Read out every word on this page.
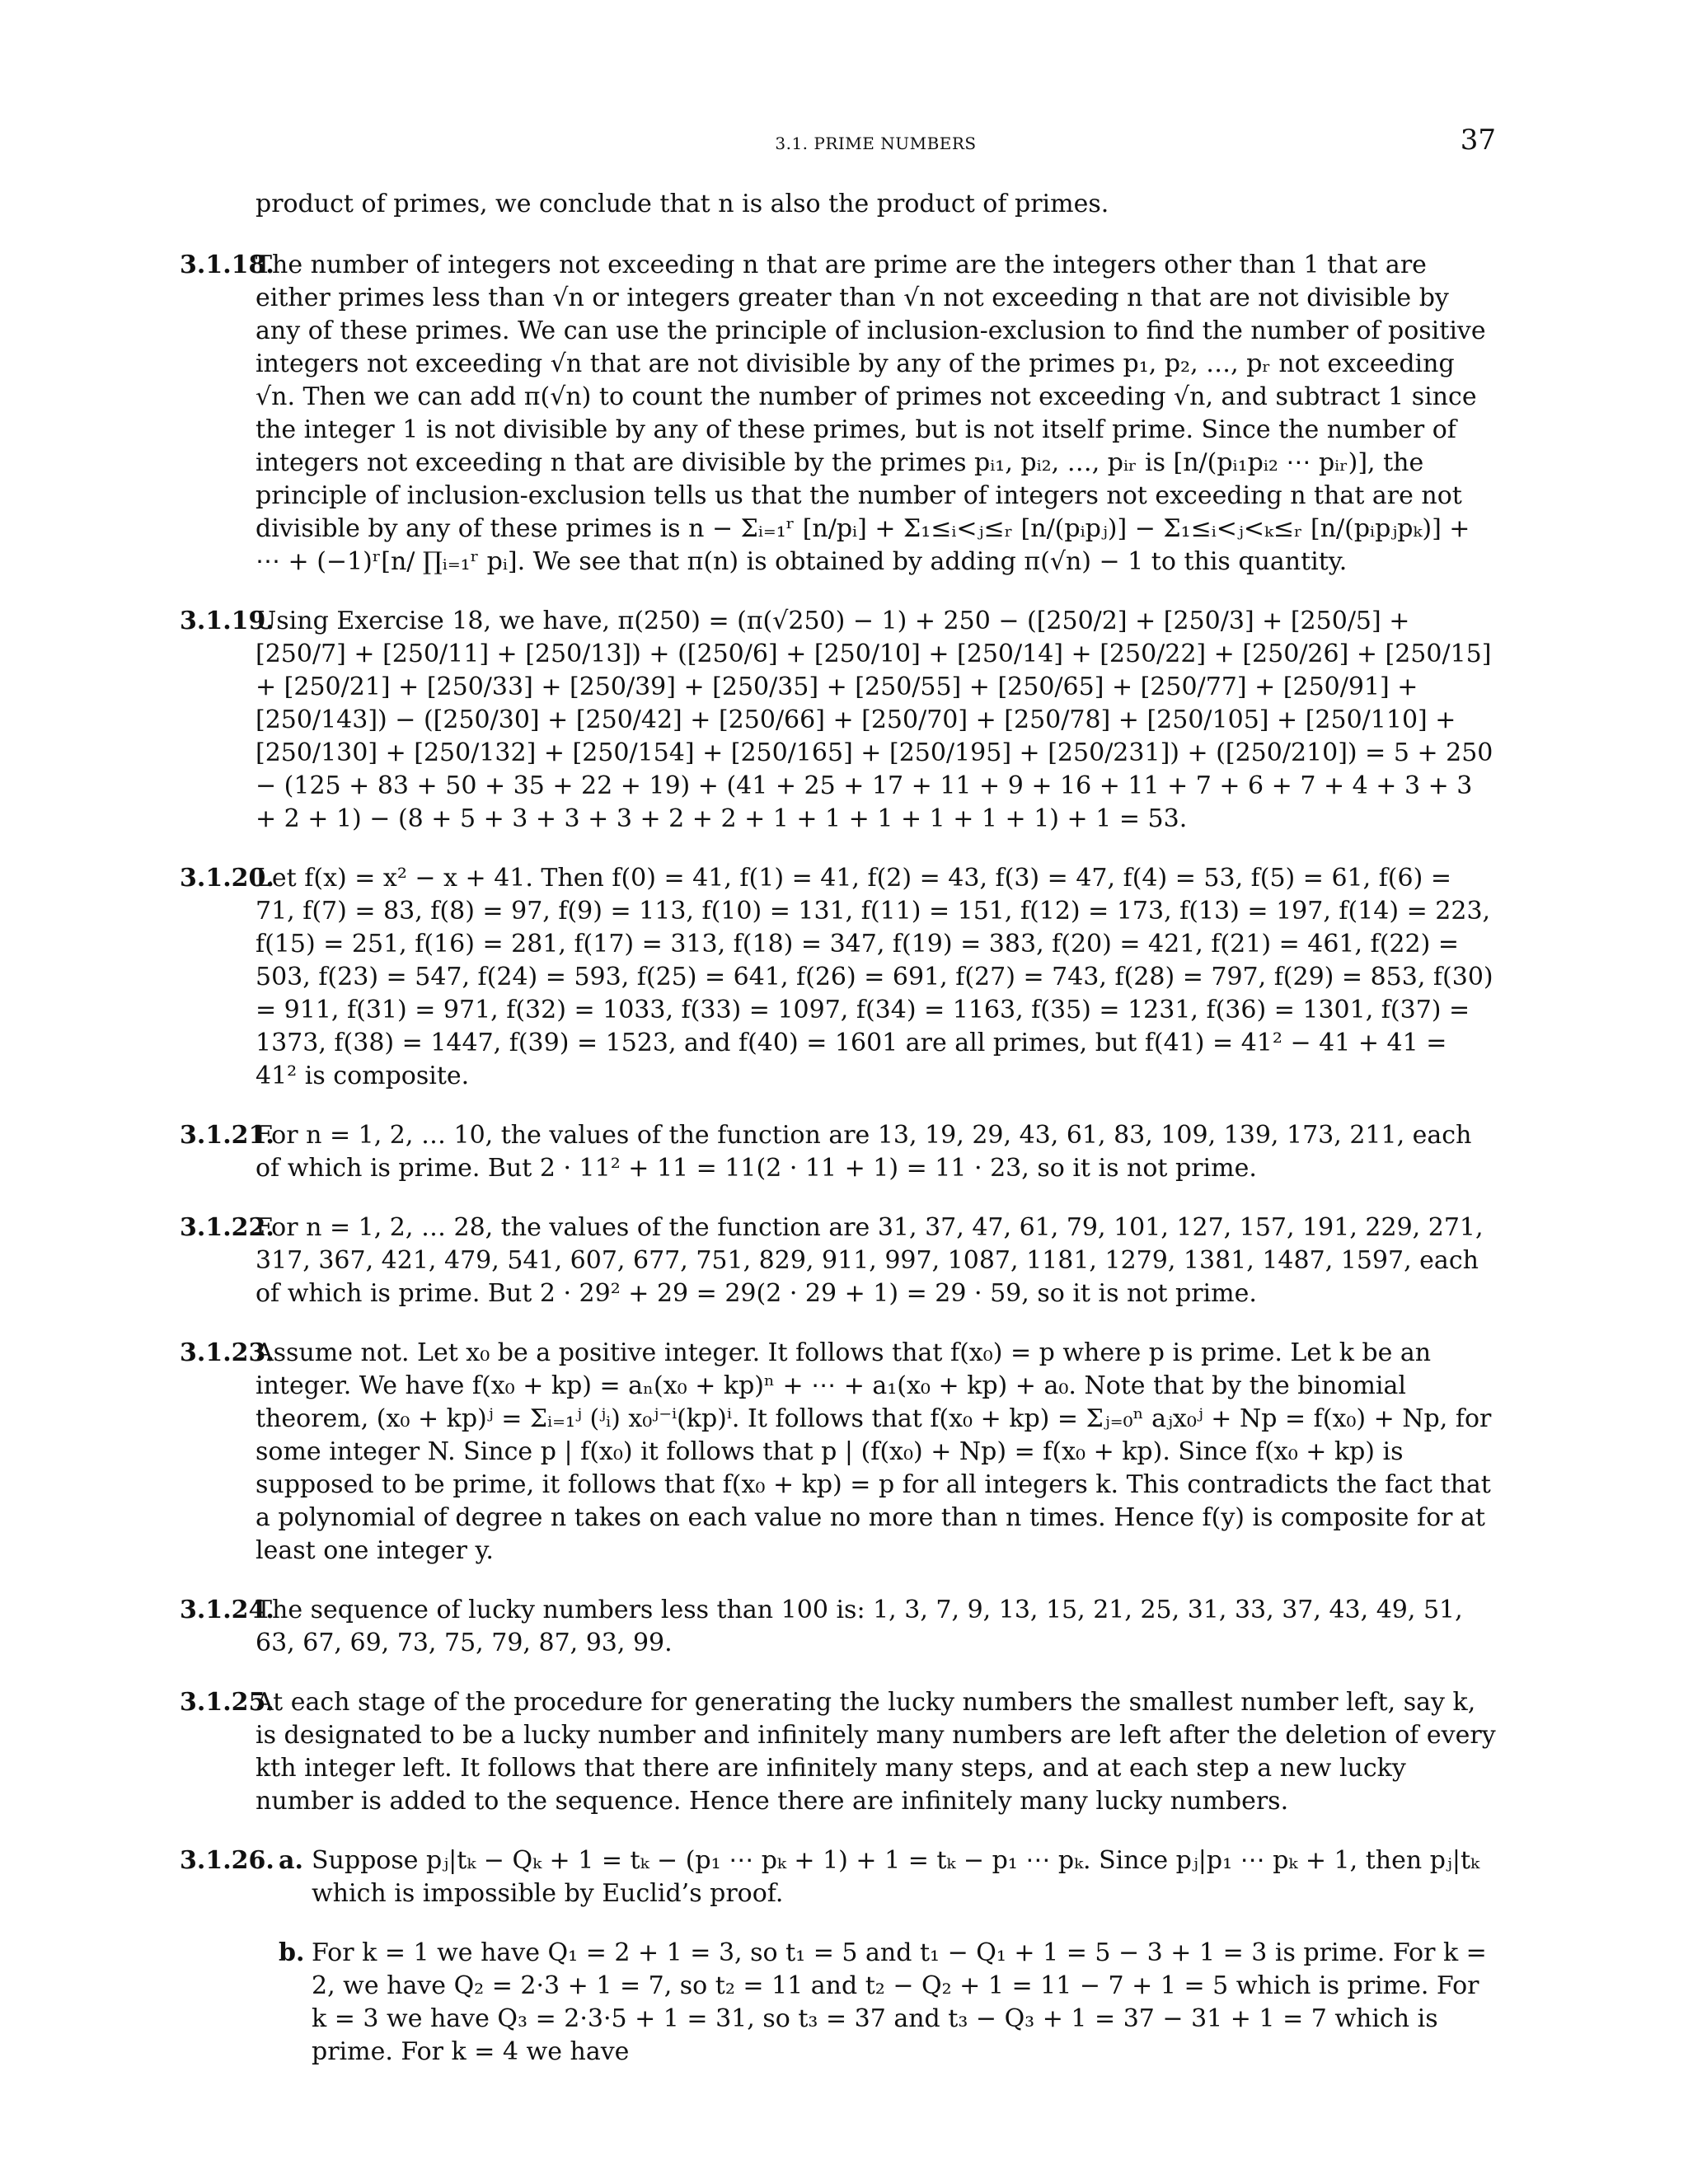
3.1. PRIME NUMBERS	37

product of primes, we conclude that n is also the product of primes.

3.1.18.
The number of integers not exceeding n that are prime are the integers other than 1 that are either primes less than √n or integers greater than √n not exceeding n that are not divisible by any of these primes. We can use the principle of inclusion-exclusion to find the number of positive integers not exceeding √n that are not divisible by any of the primes p₁, p₂, …, pᵣ not exceeding √n. Then we can add π(√n) to count the number of primes not exceeding √n, and subtract 1 since the integer 1 is not divisible by any of these primes, but is not itself prime. Since the number of integers not exceeding n that are divisible by the primes pᵢ₁, pᵢ₂, …, pᵢᵣ is [n/(pᵢ₁pᵢ₂ ⋯ pᵢᵣ)], the principle of inclusion-exclusion tells us that the number of integers not exceeding n that are not divisible by any of these primes is n − Σᵢ₌₁ʳ [n/pᵢ] + Σ₁≤ᵢ<ⱼ≤ᵣ [n/(pᵢpⱼ)] − Σ₁≤ᵢ<ⱼ<ₖ≤ᵣ [n/(pᵢpⱼpₖ)] + ⋯ + (−1)ʳ[n/ ∏ᵢ₌₁ʳ pᵢ]. We see that π(n) is obtained by adding π(√n) − 1 to this quantity.
3.1.19.
Using Exercise 18, we have, π(250) = (π(√250) − 1) + 250 − ([250/2] + [250/3] + [250/5] + [250/7] + [250/11] + [250/13]) + ([250/6] + [250/10] + [250/14] + [250/22] + [250/26] + [250/15] + [250/21] + [250/33] + [250/39] + [250/35] + [250/55] + [250/65] + [250/77] + [250/91] + [250/143]) − ([250/30] + [250/42] + [250/66] + [250/70] + [250/78] + [250/105] + [250/110] + [250/130] + [250/132] + [250/154] + [250/165] + [250/195] + [250/231]) + ([250/210]) = 5 + 250 − (125 + 83 + 50 + 35 + 22 + 19) + (41 + 25 + 17 + 11 + 9 + 16 + 11 + 7 + 6 + 7 + 4 + 3 + 3 + 2 + 1) − (8 + 5 + 3 + 3 + 3 + 2 + 2 + 1 + 1 + 1 + 1 + 1 + 1) + 1 = 53.
3.1.20.
Let f(x) = x² − x + 41. Then f(0) = 41, f(1) = 41, f(2) = 43, f(3) = 47, f(4) = 53, f(5) = 61, f(6) = 71, f(7) = 83, f(8) = 97, f(9) = 113, f(10) = 131, f(11) = 151, f(12) = 173, f(13) = 197, f(14) = 223, f(15) = 251, f(16) = 281, f(17) = 313, f(18) = 347, f(19) = 383, f(20) = 421, f(21) = 461, f(22) = 503, f(23) = 547, f(24) = 593, f(25) = 641, f(26) = 691, f(27) = 743, f(28) = 797, f(29) = 853, f(30) = 911, f(31) = 971, f(32) = 1033, f(33) = 1097, f(34) = 1163, f(35) = 1231, f(36) = 1301, f(37) = 1373, f(38) = 1447, f(39) = 1523, and f(40) = 1601 are all primes, but f(41) = 41² − 41 + 41 = 41² is composite.
3.1.21.
For n = 1, 2, … 10, the values of the function are 13, 19, 29, 43, 61, 83, 109, 139, 173, 211, each of which is prime. But 2 · 11² + 11 = 11(2 · 11 + 1) = 11 · 23, so it is not prime.
3.1.22.
For n = 1, 2, … 28, the values of the function are 31, 37, 47, 61, 79, 101, 127, 157, 191, 229, 271, 317, 367, 421, 479, 541, 607, 677, 751, 829, 911, 997, 1087, 1181, 1279, 1381, 1487, 1597, each of which is prime. But 2 · 29² + 29 = 29(2 · 29 + 1) = 29 · 59, so it is not prime.
3.1.23.
Assume not. Let x₀ be a positive integer. It follows that f(x₀) = p where p is prime. Let k be an integer. We have f(x₀ + kp) = aₙ(x₀ + kp)ⁿ + ⋯ + a₁(x₀ + kp) + a₀. Note that by the binomial theorem, (x₀ + kp)ʲ = Σᵢ₌₁ʲ (ʲᵢ) x₀ʲ⁻ⁱ(kp)ⁱ. It follows that f(x₀ + kp) = Σⱼ₌₀ⁿ aⱼx₀ʲ + Np = f(x₀) + Np, for some integer N. Since p | f(x₀) it follows that p | (f(x₀) + Np) = f(x₀ + kp). Since f(x₀ + kp) is supposed to be prime, it follows that f(x₀ + kp) = p for all integers k. This contradicts the fact that a polynomial of degree n takes on each value no more than n times. Hence f(y) is composite for at least one integer y.
3.1.24.
The sequence of lucky numbers less than 100 is: 1, 3, 7, 9, 13, 15, 21, 25, 31, 33, 37, 43, 49, 51, 63, 67, 69, 73, 75, 79, 87, 93, 99.
3.1.25.
At each stage of the procedure for generating the lucky numbers the smallest number left, say k, is designated to be a lucky number and infinitely many numbers are left after the deletion of every kth integer left. It follows that there are infinitely many steps, and at each step a new lucky number is added to the sequence. Hence there are infinitely many lucky numbers.
3.1.26. a. Suppose pⱼ|tₖ − Qₖ + 1 = tₖ − (p₁ ⋯ pₖ + 1) + 1 = tₖ − p₁ ⋯ pₖ. Since pⱼ|p₁ ⋯ pₖ + 1, then pⱼ|tₖ which is impossible by Euclid’s proof.
b. For k = 1 we have Q₁ = 2 + 1 = 3, so t₁ = 5 and t₁ − Q₁ + 1 = 5 − 3 + 1 = 3 is prime. For k = 2, we have Q₂ = 2·3 + 1 = 7, so t₂ = 11 and t₂ − Q₂ + 1 = 11 − 7 + 1 = 5 which is prime. For k = 3 we have Q₃ = 2·3·5 + 1 = 31, so t₃ = 37 and t₃ − Q₃ + 1 = 37 − 31 + 1 = 7 which is prime. For k = 4 we have
